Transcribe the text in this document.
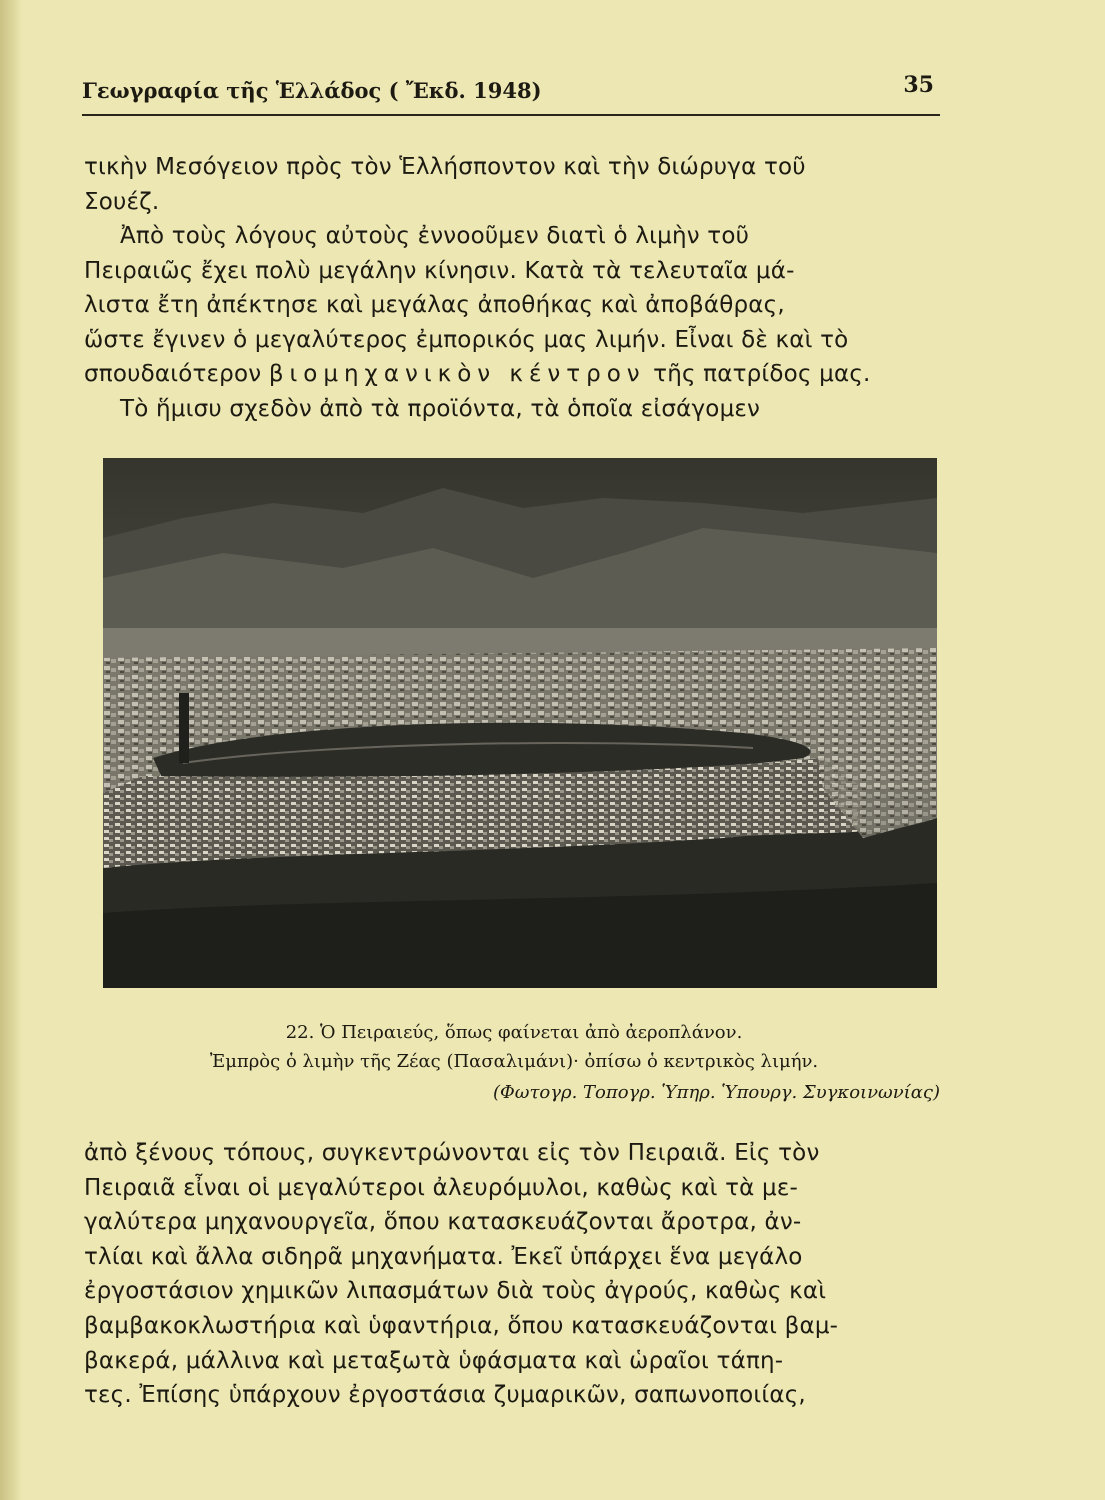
Γεωγραφία τῆς Ἑλλάδος ( Ἔκδ. 1948)	35
τικὴν Μεσόγειον πρὸς τὸν Ἑλλήσποντον καὶ τὴν διώρυγα τοῦ
Σουέζ.
Ἀπὸ τοὺς λόγους αὐτοὺς ἐννοοῦμεν διατὶ ὁ λιμὴν τοῦ
Πειραιῶς ἔχει πολὺ μεγάλην κίνησιν. Κατὰ τὰ τελευταῖα μά-
λιστα ἔτη ἀπέκτησε καὶ μεγάλας ἀποθήκας καὶ ἀποβάθρας,
ὥστε ἔγινεν ὁ μεγαλύτερος ἐμπορικός μας λιμήν. Εἶναι δὲ καὶ τὸ
σπουδαιότερον βιομηχανικὸν κέντρον τῆς πατρίδος μας.
Τὸ ἥμισυ σχεδὸν ἀπὸ τὰ προϊόντα, τὰ ὁποῖα εἰσάγομεν

22. Ὁ Πειραιεύς, ὅπως φαίνεται ἀπὸ ἀεροπλάνον.

Ἐμπρὸς ὁ λιμὴν τῆς Ζέας (Πασαλιμάνι)· ὀπίσω ὁ κεντρικὸς λιμήν.

(Φωτογρ. Τοπογρ. Ὑπηρ. Ὑπουργ. Συγκοινωνίας)

ἀπὸ ξένους τόπους, συγκεντρώνονται εἰς τὸν Πειραιᾶ. Εἰς τὸν
Πειραιᾶ εἶναι οἱ μεγαλύτεροι ἀλευρόμυλοι, καθὼς καὶ τὰ με-
γαλύτερα μηχανουργεῖα, ὅπου κατασκευάζονται ἄροτρα, ἀν-
τλίαι καὶ ἄλλα σιδηρᾶ μηχανήματα. Ἐκεῖ ὑπάρχει ἕνα μεγάλο
ἐργοστάσιον χημικῶν λιπασμάτων διὰ τοὺς ἀγρούς, καθὼς καὶ
βαμβακοκλωστήρια καὶ ὑφαντήρια, ὅπου κατασκευάζονται βαμ-
βακερά, μάλλινα καὶ μεταξωτὰ ὑφάσματα καὶ ὡραῖοι τάπη-
τες. Ἐπίσης ὑπάρχουν ἐργοστάσια ζυμαρικῶν, σαπωνοποιίας,
